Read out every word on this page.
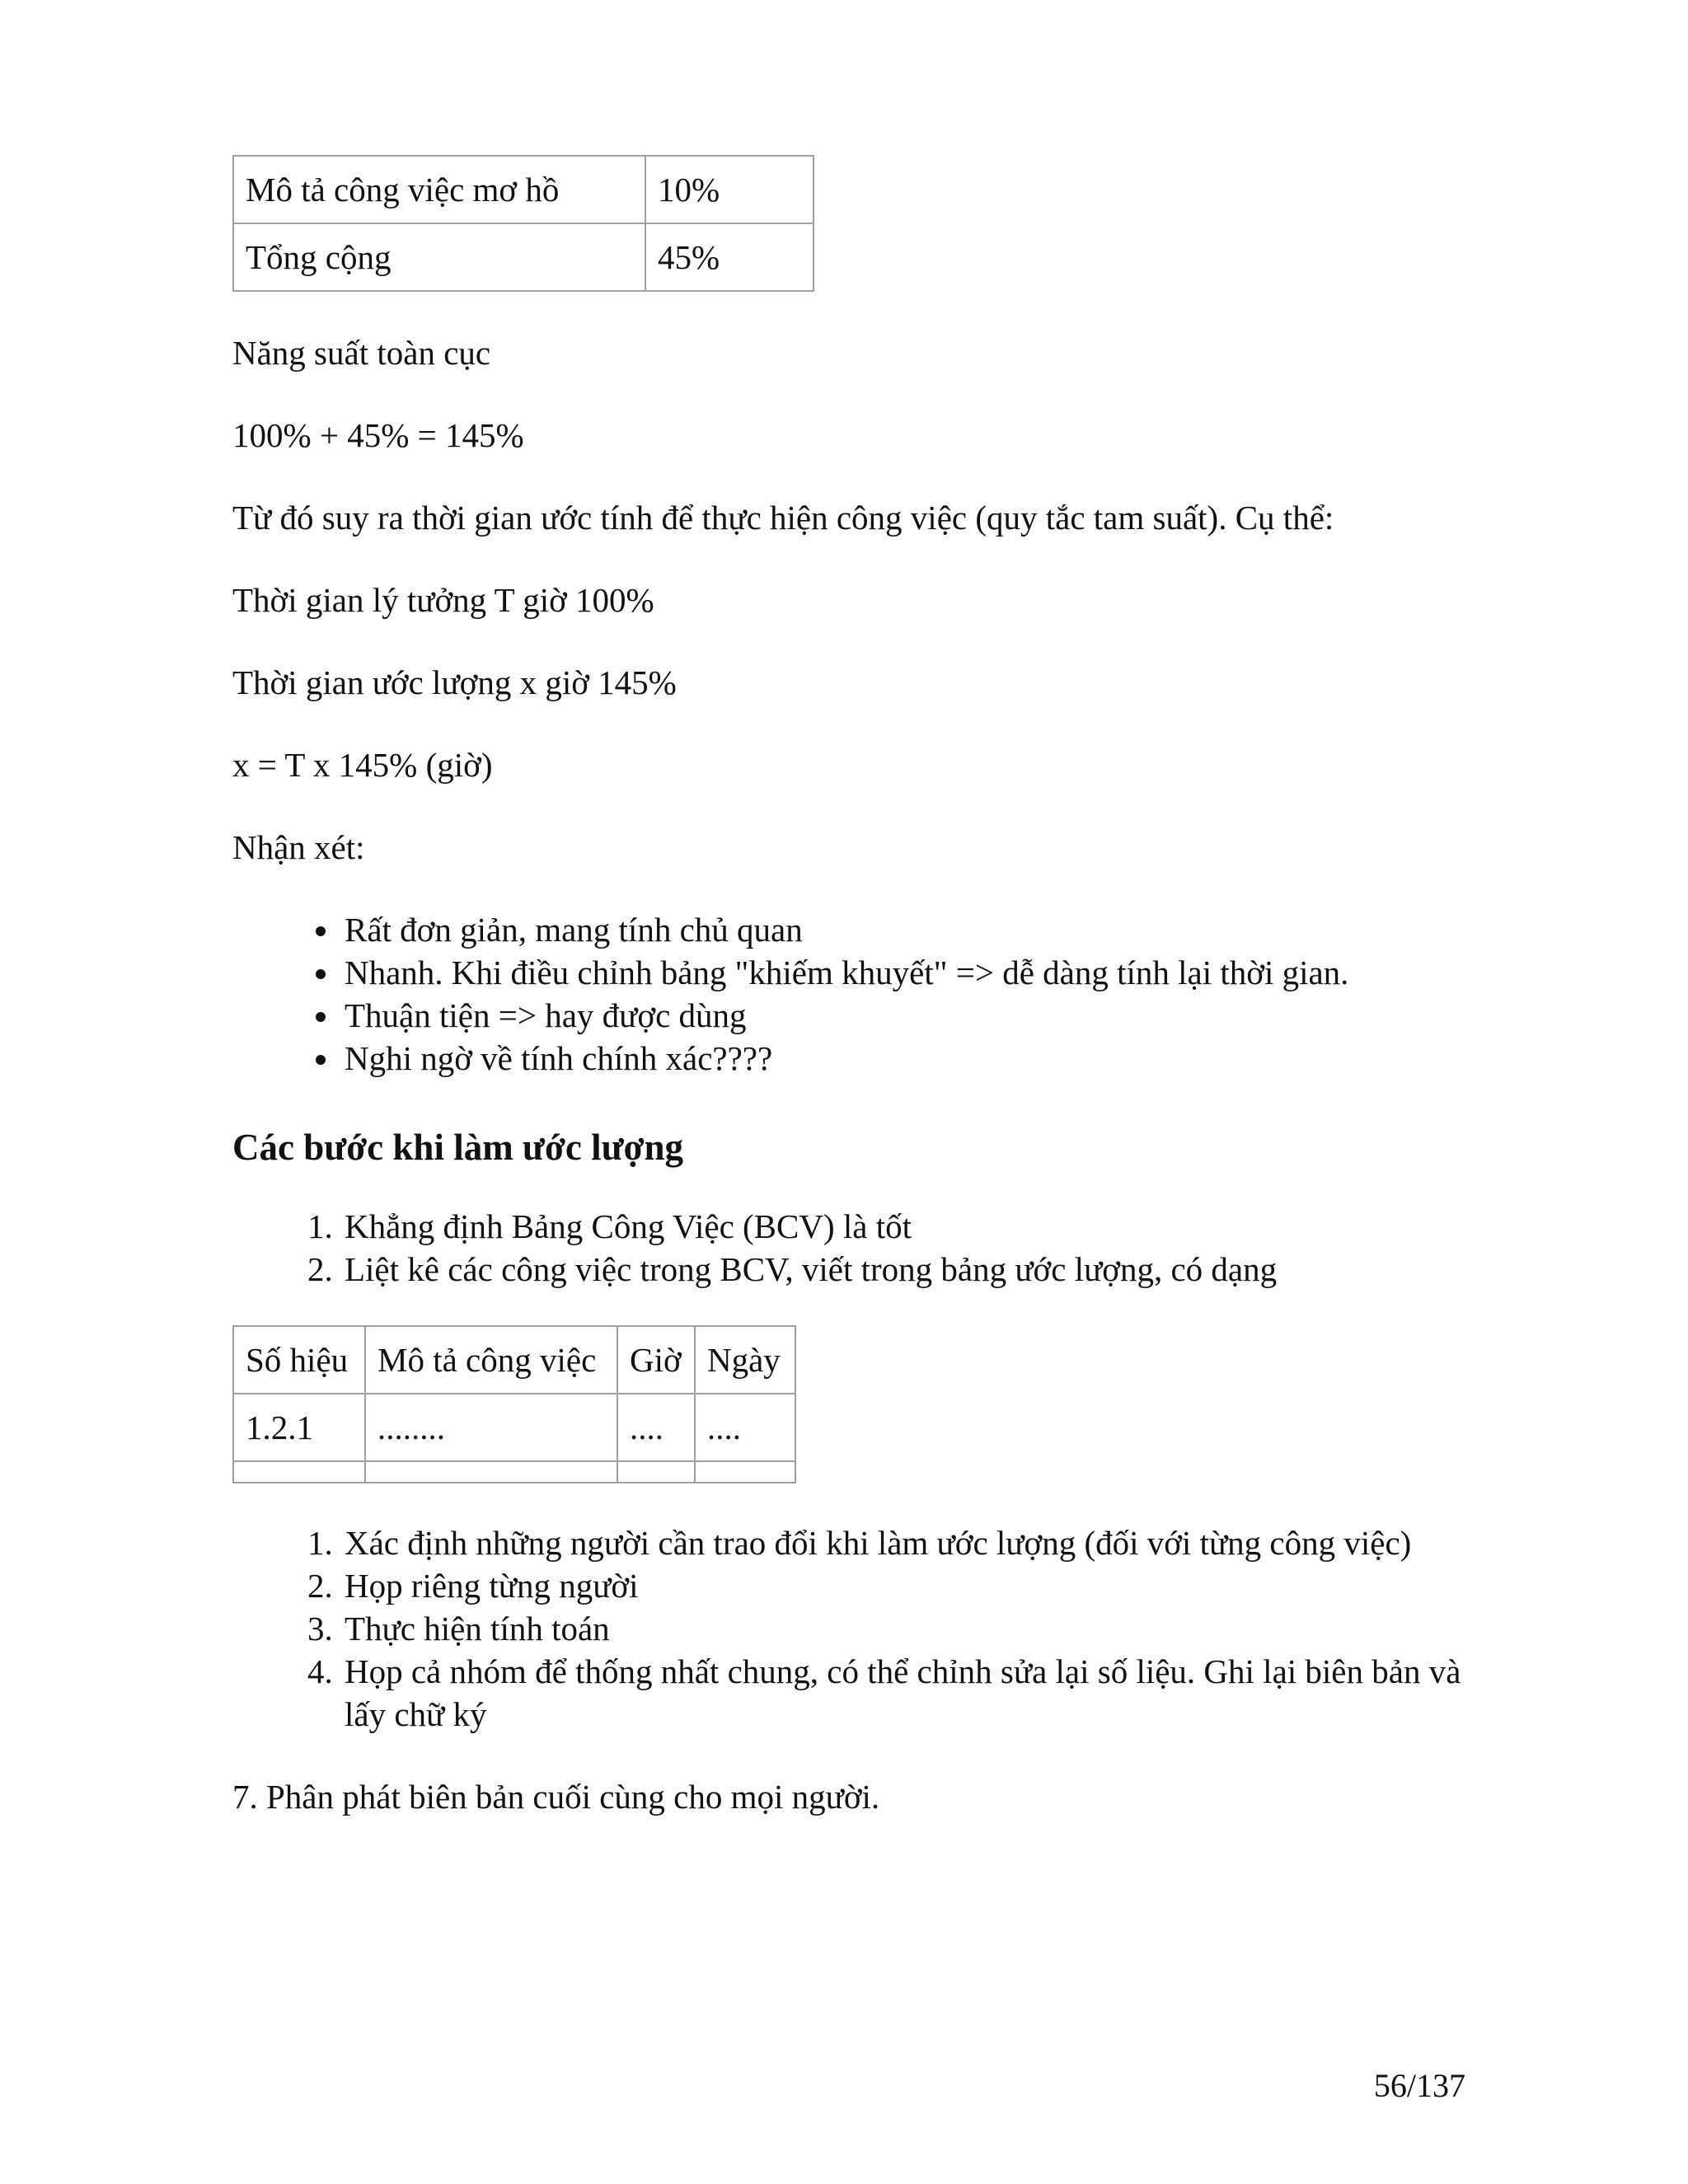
Mô tả công việc mơ hồ	10%
Tổng cộng	45%

Năng suất toàn cục

100% + 45% = 145%

Từ đó suy ra thời gian ước tính để thực hiện công việc (quy tắc tam suất). Cụ thể:

Thời gian lý tưởng T giờ 100%

Thời gian ước lượng x giờ 145%

x = T x 145% (giờ)

Nhận xét:

• Rất đơn giản, mang tính chủ quan
• Nhanh. Khi điều chỉnh bảng "khiếm khuyết" => dễ dàng tính lại thời gian.
• Thuận tiện => hay được dùng
• Nghi ngờ về tính chính xác????
Các bước khi làm ước lượng
1. Khẳng định Bảng Công Việc (BCV) là tốt
2. Liệt kê các công việc trong BCV, viết trong bảng ước lượng, có dạng
Số hiệu	Mô tả công việc	Giờ	Ngày
1.2.1	........	....	....

1. Xác định những người cần trao đổi khi làm ước lượng (đối với từng công việc)
2. Họp riêng từng người
3. Thực hiện tính toán
4. Họp cả nhóm để thống nhất chung, có thể chỉnh sửa lại số liệu. Ghi lại biên bản và lấy chữ ký

7. Phân phát biên bản cuối cùng cho mọi người.

56/137
